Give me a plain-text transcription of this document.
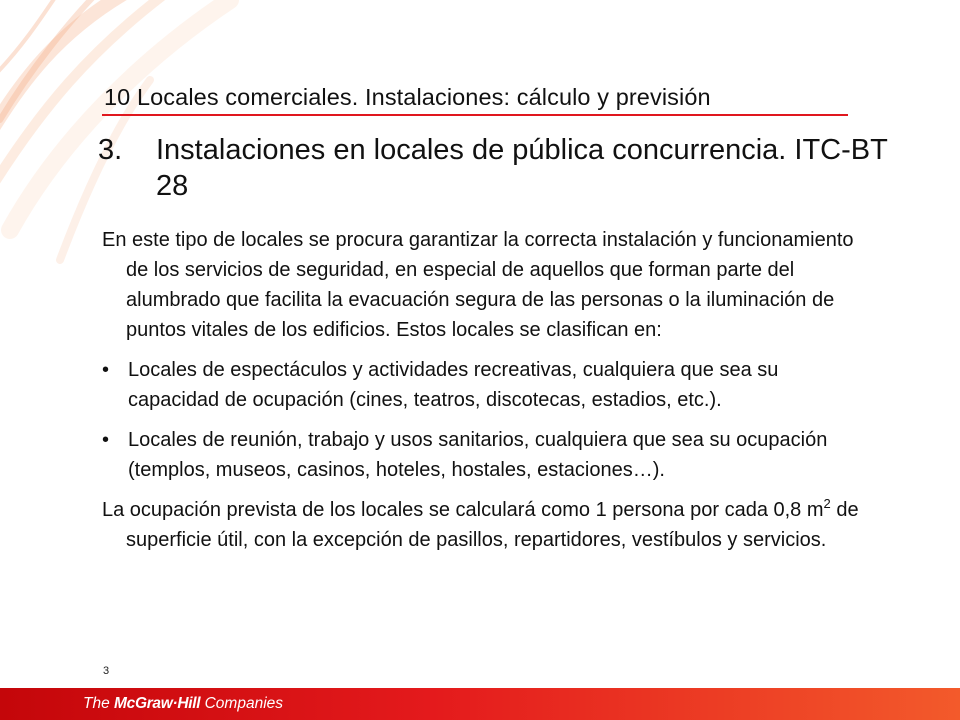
10 Locales comerciales. Instalaciones: cálculo y previsión
3. Instalaciones en locales de pública concurrencia. ITC-BT 28

En este tipo de locales se procura garantizar la correcta instalación y funcionamiento de los servicios de seguridad, en especial de aquellos que forman parte del alumbrado que facilita la evacuación segura de las personas o la iluminación de puntos vitales de los edificios. Estos locales se clasifican en:

• Locales de espectáculos y actividades recreativas, cualquiera que sea su capacidad de ocupación (cines, teatros, discotecas, estadios, etc.).
• Locales de reunión, trabajo y usos sanitarios, cualquiera que sea su ocupación (templos, museos, casinos, hoteles, hostales, estaciones…).

La ocupación prevista de los locales se calculará como 1 persona por cada 0,8 $m^2$ de superficie útil, con la excepción de pasillos, repartidores, vestíbulos y servicios.

3
The McGraw·Hill Companies
